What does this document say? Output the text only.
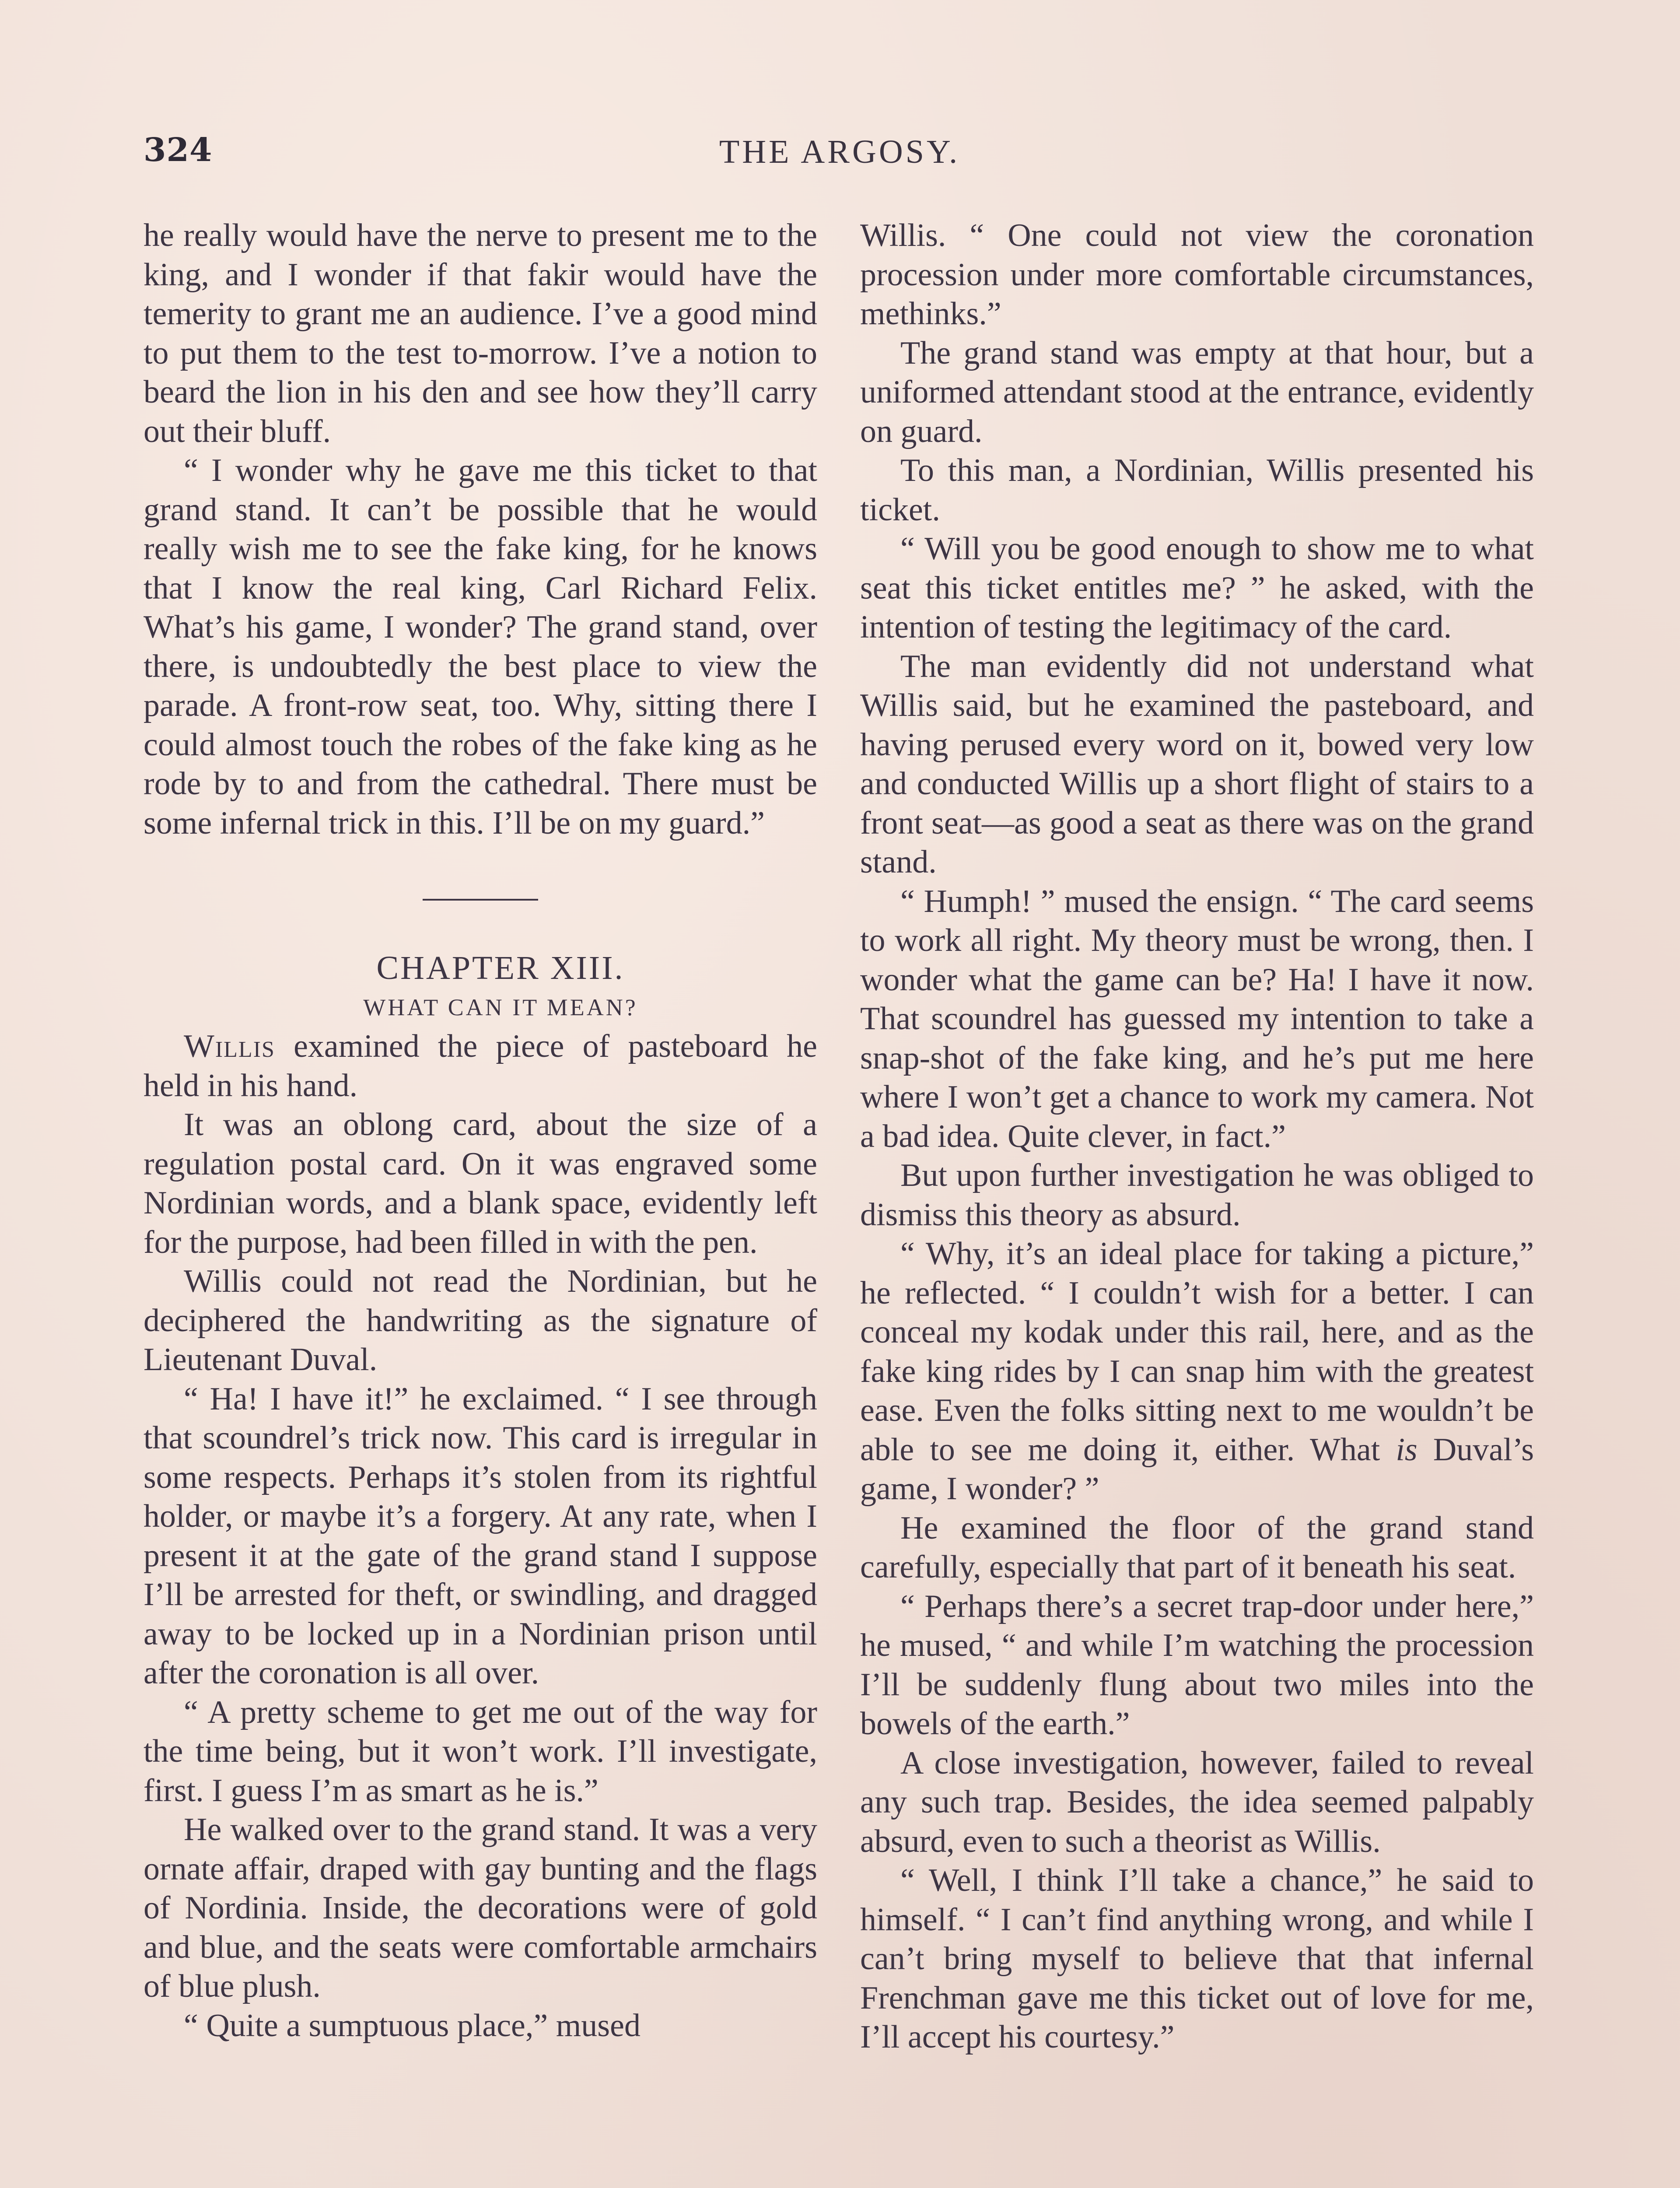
324	THE ARGOSY.

he really would have the nerve to present me to the king, and I wonder if that fakir would have the temerity to grant me an audience. I’ve a good mind to put them to the test to-morrow. I’ve a notion to beard the lion in his den and see how they’ll carry out their bluff.

“ I wonder why he gave me this ticket to that grand stand. It can’t be possible that he would really wish me to see the fake king, for he knows that I know the real king, Carl Richard Felix. What’s his game, I wonder? The grand stand, over there, is undoubtedly the best place to view the parade. A front-row seat, too. Why, sitting there I could almost touch the robes of the fake king as he rode by to and from the cathedral. There must be some infernal trick in this. I’ll be on my guard.”

CHAPTER XIII.

WHAT CAN IT MEAN?

Willis examined the piece of pasteboard he held in his hand.

It was an oblong card, about the size of a regulation postal card. On it was engraved some Nordinian words, and a blank space, evidently left for the purpose, had been filled in with the pen.

Willis could not read the Nordinian, but he deciphered the handwriting as the signature of Lieutenant Duval.

“ Ha! I have it!” he exclaimed. “ I see through that scoundrel’s trick now. This card is irregular in some respects. Perhaps it’s stolen from its rightful holder, or maybe it’s a forgery. At any rate, when I present it at the gate of the grand stand I suppose I’ll be arrested for theft, or swindling, and dragged away to be locked up in a Nordinian prison until after the coronation is all over.

“ A pretty scheme to get me out of the way for the time being, but it won’t work. I’ll investigate, first. I guess I’m as smart as he is.”

He walked over to the grand stand. It was a very ornate affair, draped with gay bunting and the flags of Nordinia. Inside, the decorations were of gold and blue, and the seats were comfortable armchairs of blue plush.

“ Quite a sumptuous place,” mused

Willis. “ One could not view the coronation procession under more comfortable circumstances, methinks.”

The grand stand was empty at that hour, but a uniformed attendant stood at the entrance, evidently on guard.

To this man, a Nordinian, Willis presented his ticket.

“ Will you be good enough to show me to what seat this ticket entitles me? ” he asked, with the intention of testing the legitimacy of the card.

The man evidently did not understand what Willis said, but he examined the pasteboard, and having perused every word on it, bowed very low and conducted Willis up a short flight of stairs to a front seat—as good a seat as there was on the grand stand.

“ Humph! ” mused the ensign. “ The card seems to work all right. My theory must be wrong, then. I wonder what the game can be? Ha! I have it now. That scoundrel has guessed my intention to take a snap-shot of the fake king, and he’s put me here where I won’t get a chance to work my camera. Not a bad idea. Quite clever, in fact.”

But upon further investigation he was obliged to dismiss this theory as absurd.

“ Why, it’s an ideal place for taking a picture,” he reflected. “ I couldn’t wish for a better. I can conceal my kodak under this rail, here, and as the fake king rides by I can snap him with the greatest ease. Even the folks sitting next to me wouldn’t be able to see me doing it, either. What is Duval’s game, I wonder? ”

He examined the floor of the grand stand carefully, especially that part of it beneath his seat.

“ Perhaps there’s a secret trap-door under here,” he mused, “ and while I’m watching the procession I’ll be suddenly flung about two miles into the bowels of the earth.”

A close investigation, however, failed to reveal any such trap. Besides, the idea seemed palpably absurd, even to such a theorist as Willis.

“ Well, I think I’ll take a chance,” he said to himself. “ I can’t find anything wrong, and while I can’t bring myself to believe that that infernal Frenchman gave me this ticket out of love for me, I’ll accept his courtesy.”
